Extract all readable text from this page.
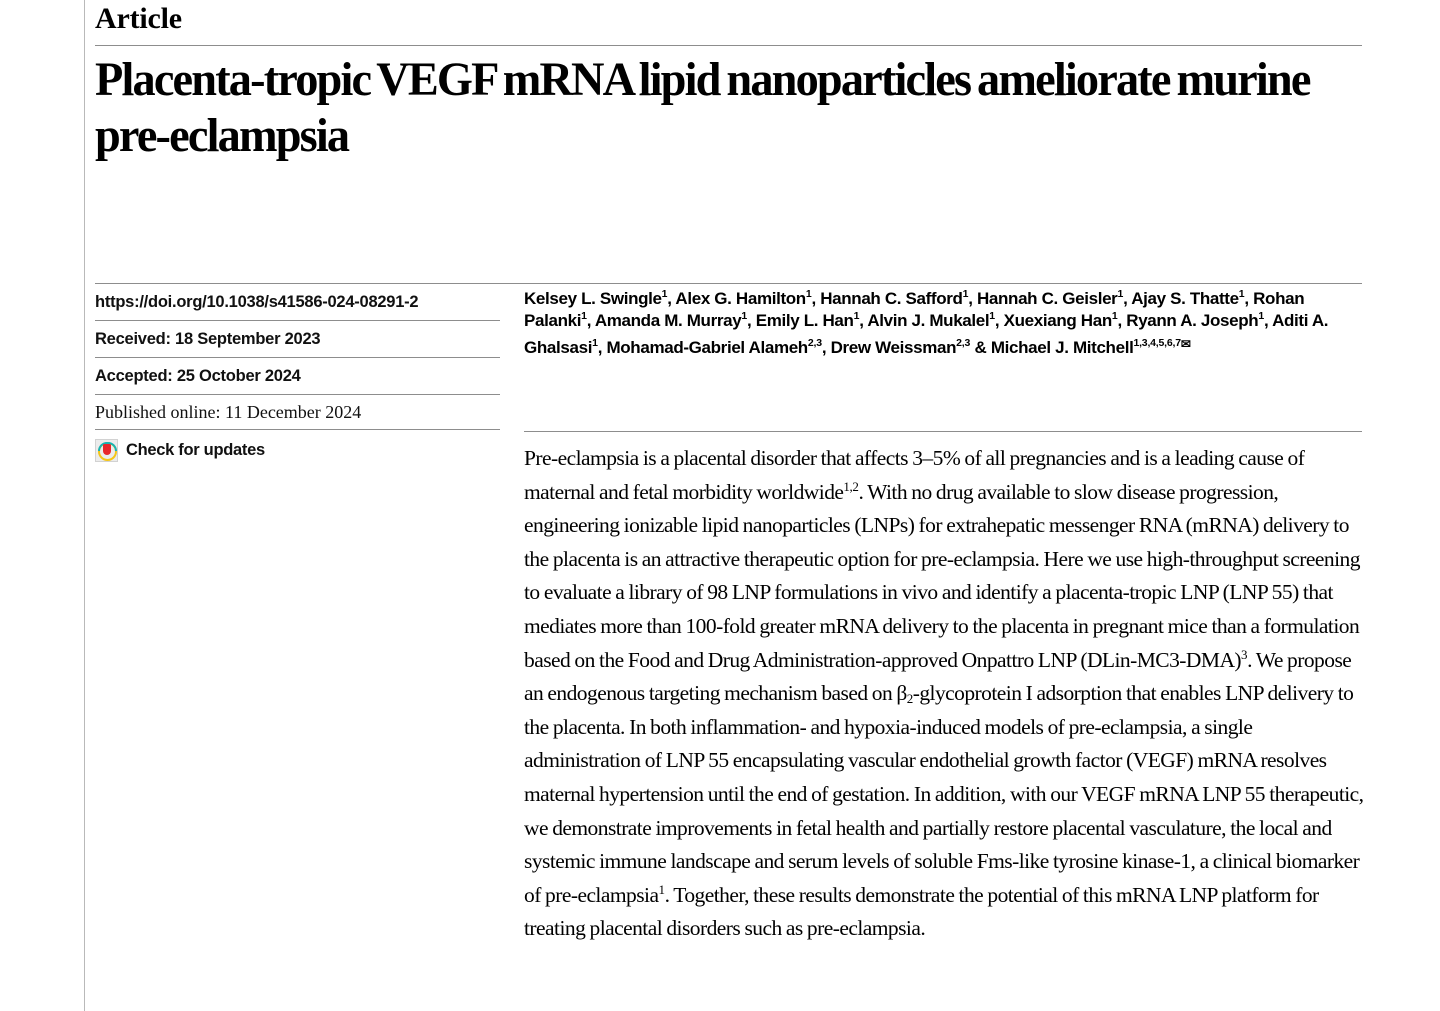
Article
Placenta-tropic VEGF mRNA lipid nanoparticles ameliorate murine pre-eclampsia
https://doi.org/10.1038/s41586-024-08291-2
Received: 18 September 2023
Accepted: 25 October 2024
Published online: 11 December 2024
Check for updates
Kelsey L. Swingle$^1$, Alex G. Hamilton$^1$, Hannah C. Safford$^1$, Hannah C. Geisler$^1$, Ajay S. Thatte$^1$, Rohan Palanki$^1$, Amanda M. Murray$^1$, Emily L. Han$^1$, Alvin J. Mukalel$^1$, Xuexiang Han$^1$, Ryann A. Joseph$^1$, Aditi A. Ghalsasi$^1$, Mohamad-Gabriel Alameh$^{2,3}$, Drew Weissman$^{2,3}$ & Michael J. Mitchell$^{1,3,4,5,6,7✉}$

Pre-eclampsia is a placental disorder that affects 3–5% of all pregnancies and is a leading cause of maternal and fetal morbidity worldwide$^{1,2}$. With no drug available to slow disease progression, engineering ionizable lipid nanoparticles (LNPs) for extrahepatic messenger RNA (mRNA) delivery to the placenta is an attractive therapeutic option for pre-eclampsia. Here we use high-throughput screening to evaluate a library of 98 LNP formulations in vivo and identify a placenta-tropic LNP (LNP 55) that mediates more than 100-fold greater mRNA delivery to the placenta in pregnant mice than a formulation based on the Food and Drug Administration-approved Onpattro LNP (DLin-MC3-DMA)$^3$. We propose an endogenous targeting mechanism based on $\beta_2$-glycoprotein I adsorption that enables LNP delivery to the placenta. In both inflammation- and hypoxia-induced models of pre-eclampsia, a single administration of LNP 55 encapsulating vascular endothelial growth factor (VEGF) mRNA resolves maternal hypertension until the end of gestation. In addition, with our VEGF mRNA LNP 55 therapeutic, we demonstrate improvements in fetal health and partially restore placental vasculature, the local and systemic immune landscape and serum levels of soluble Fms-like tyrosine kinase-1, a clinical biomarker of pre-eclampsia$^1$. Together, these results demonstrate the potential of this mRNA LNP platform for treating placental disorders such as pre-eclampsia.
